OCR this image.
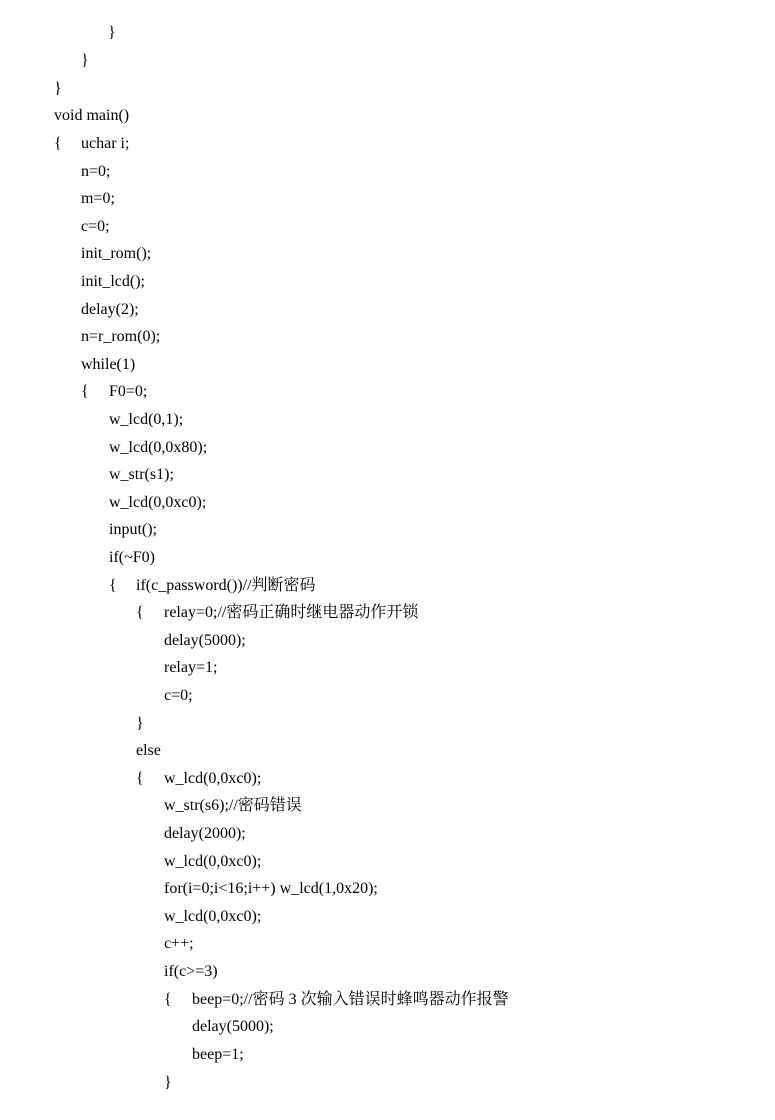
}
}
}
void main()
{ uchar i;
n=0;
m=0;
c=0;
init_rom();
init_lcd();
delay(2);
n=r_rom(0);
while(1)
{ F0=0;
w_lcd(0,1);
w_lcd(0,0x80);
w_str(s1);
w_lcd(0,0xc0);
input();
if(~F0)
{ if(c_password())//判断密码
{ relay=0;//密码正确时继电器动作开锁
delay(5000);
relay=1;
c=0;
}
else
{ w_lcd(0,0xc0);
w_str(s6);//密码错误
delay(2000);
w_lcd(0,0xc0);
for(i=0;i<16;i++) w_lcd(1,0x20);
w_lcd(0,0xc0);
c++;
if(c>=3)
{ beep=0;//密码 3 次输入错误时蜂鸣器动作报警
delay(5000);
beep=1;
}
